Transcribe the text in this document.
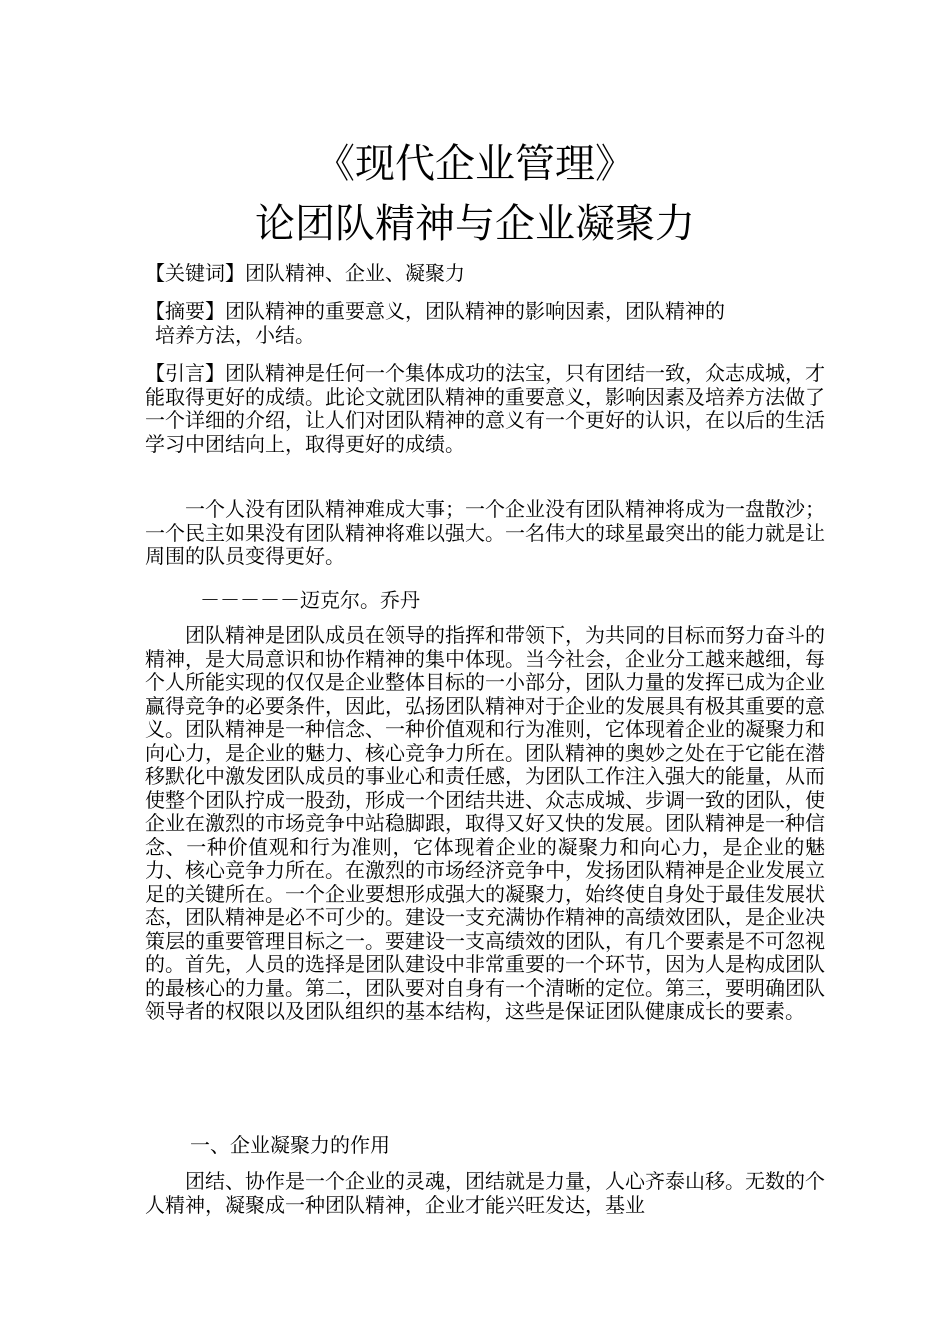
《现代企业管理》
论团队精神与企业凝聚力

【关键词】团队精神、企业、凝聚力

【摘要】团队精神的重要意义，团队精神的影响因素，团队精神的
培养方法，小结。

【引言】团队精神是任何一个集体成功的法宝，只有团结一致，众志成城，才能取得更好的成绩。此论文就团队精神的重要意义，影响因素及培养方法做了一个详细的介绍，让人们对团队精神的意义有一个更好的认识，在以后的生活学习中团结向上，取得更好的成绩。

一个人没有团队精神难成大事；一个企业没有团队精神将成为一盘散沙；一个民主如果没有团队精神将难以强大。一名伟大的球星最突出的能力就是让周围的队员变得更好。

－－－－－迈克尔。乔丹

团队精神是团队成员在领导的指挥和带领下，为共同的目标而努力奋斗的精神，是大局意识和协作精神的集中体现。当今社会，企业分工越来越细，每个人所能实现的仅仅是企业整体目标的一小部分，团队力量的发挥已成为企业赢得竞争的必要条件，因此，弘扬团队精神对于企业的发展具有极其重要的意义。团队精神是一种信念、一种价值观和行为准则，它体现着企业的凝聚力和向心力，是企业的魅力、核心竞争力所在。团队精神的奥妙之处在于它能在潜移默化中激发团队成员的事业心和责任感，为团队工作注入强大的能量，从而使整个团队拧成一股劲，形成一个团结共进、众志成城、步调一致的团队，使企业在激烈的市场竞争中站稳脚跟，取得又好又快的发展。团队精神是一种信念、一种价值观和行为准则，它体现着企业的凝聚力和向心力，是企业的魅力、核心竞争力所在。在激烈的市场经济竞争中，发扬团队精神是企业发展立足的关键所在。一个企业要想形成强大的凝聚力，始终使自身处于最佳发展状态，团队精神是必不可少的。建设一支充满协作精神的高绩效团队，是企业决策层的重要管理目标之一。要建设一支高绩效的团队，有几个要素是不可忽视的。首先，人员的选择是团队建设中非常重要的一个环节，因为人是构成团队的最核心的力量。第二，团队要对自身有一个清晰的定位。第三，要明确团队领导者的权限以及团队组织的基本结构，这些是保证团队健康成长的要素。

一、企业凝聚力的作用

团结、协作是一个企业的灵魂，团结就是力量，人心齐泰山移。无数的个人精神，凝聚成一种团队精神，企业才能兴旺发达，基业
